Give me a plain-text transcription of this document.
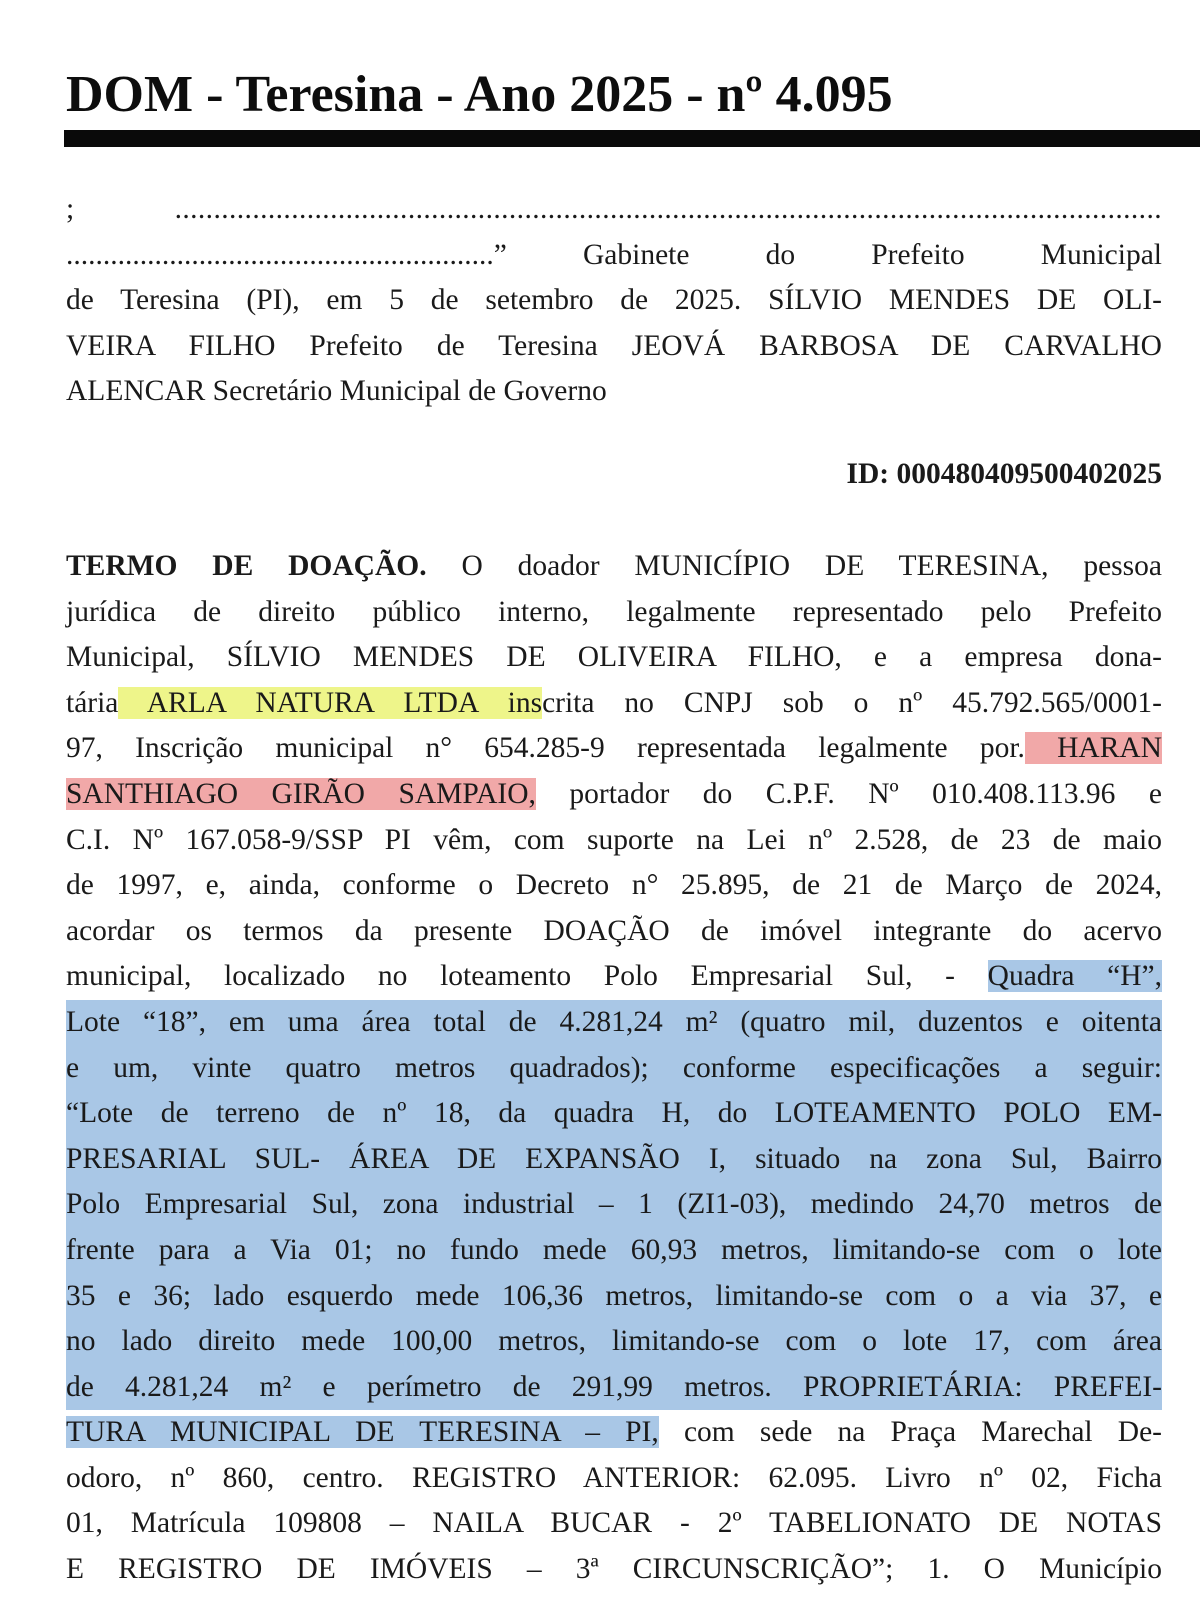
DOM - Teresina - Ano 2025 - nº 4.095
; ...............................................................................................................................
..........................................................” Gabinete do Prefeito Municipal
de Teresina (PI), em 5 de setembro de 2025. SÍLVIO MENDES DE OLI-
VEIRA FILHO Prefeito de Teresina JEOVÁ BARBOSA DE CARVALHO
ALENCAR Secretário Municipal de Governo
ID: 000480409500402025
TERMO DE DOAÇÃO. O doador MUNICÍPIO DE TERESINA, pessoa
jurídica de direito público interno, legalmente representado pelo Prefeito
Municipal, SÍLVIO MENDES DE OLIVEIRA FILHO, e a empresa dona-
tária ARLA NATURA LTDA inscrita no CNPJ sob o nº 45.792.565/0001-
97, Inscrição municipal n° 654.285-9 representada legalmente por. HARAN
SANTHIAGO GIRÃO SAMPAIO, portador do C.P.F. Nº 010.408.113.96 e
C.I. Nº 167.058-9/SSP PI vêm, com suporte na Lei nº 2.528, de 23 de maio
de 1997, e, ainda, conforme o Decreto n° 25.895, de 21 de Março de 2024,
acordar os termos da presente DOAÇÃO de imóvel integrante do acervo
municipal, localizado no loteamento Polo Empresarial Sul, - Quadra “H”,
Lote “18”, em uma área total de 4.281,24 m² (quatro mil, duzentos e oitenta
e um, vinte quatro metros quadrados); conforme especificações a seguir:
“Lote de terreno de nº 18, da quadra H, do LOTEAMENTO POLO EM-
PRESARIAL SUL- ÁREA DE EXPANSÃO I, situado na zona Sul, Bairro
Polo Empresarial Sul, zona industrial – 1 (ZI1-03), medindo 24,70 metros de
frente para a Via 01; no fundo mede 60,93 metros, limitando-se com o lote
35 e 36; lado esquerdo mede 106,36 metros, limitando-se com o a via 37, e
no lado direito mede 100,00 metros, limitando-se com o lote 17, com área
de 4.281,24 m² e perímetro de 291,99 metros. PROPRIETÁRIA: PREFEI-
TURA MUNICIPAL DE TERESINA – PI, com sede na Praça Marechal De-
odoro, nº 860, centro. REGISTRO ANTERIOR: 62.095. Livro nº 02, Ficha
01, Matrícula 109808 – NAILA BUCAR - 2º TABELIONATO DE NOTAS
E REGISTRO DE IMÓVEIS – 3ª CIRCUNSCRIÇÃO”; 1. O Município
